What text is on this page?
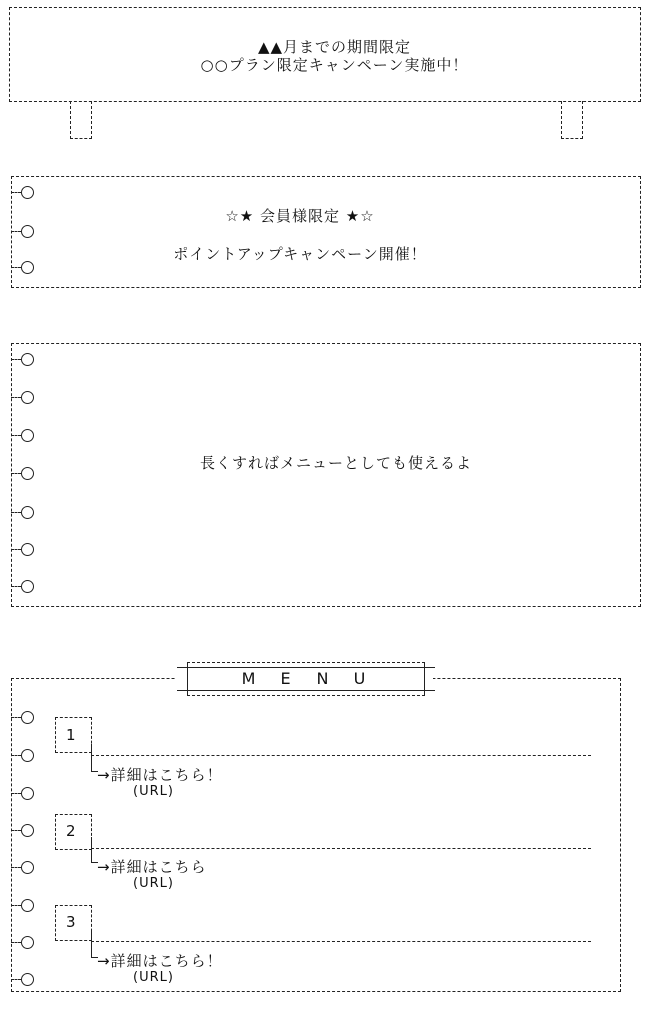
▲▲月までの期間限定
○○プラン限定キャンペーン実施中！
☆★ 会員様限定 ★☆
ポイントアップキャンペーン開催！
長くすればメニューとしても使えるよ
M E N U
1
→詳細はこちら！
(URL)
2
→詳細はこちら
(URL)
3
→詳細はこちら！
(URL)
